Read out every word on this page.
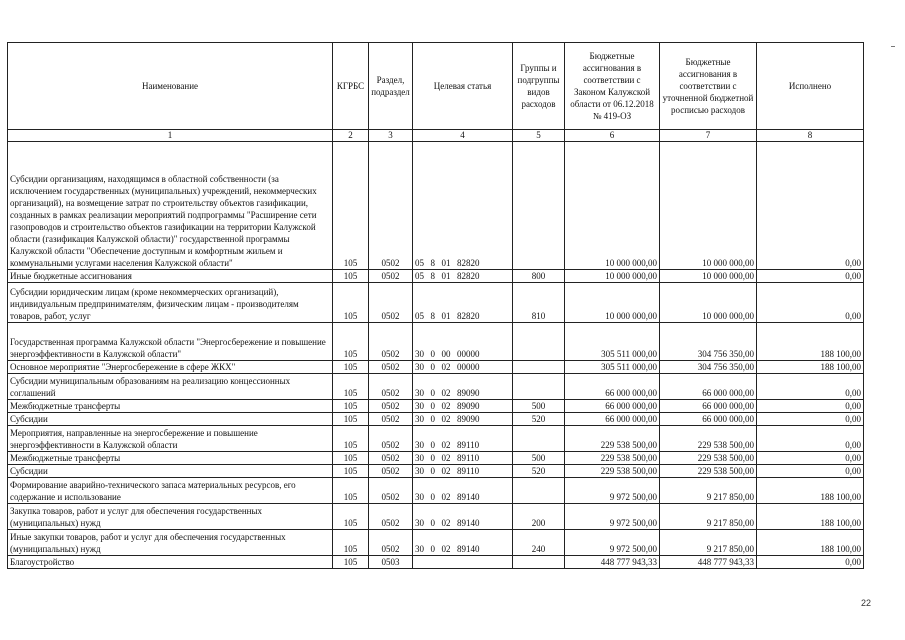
Наименование	КГРБС	Раздел, подраздел	Целевая статья	Группы и подгруппы видов расходов	Бюджетные ассигнования в соответствии с Законом Калужской области от 06.12.2018 № 419-ОЗ	Бюджетные ассигнования в соответствии с уточненной бюджетной росписью расходов	Исполнено
1	2	3	4	5	6	7	8
Субсидии организациям, находящимся в областной собственности (за исключением государственных (муниципальных) учреждений, некоммерческих организаций), на возмещение затрат по строительству объектов газификации, созданных в рамках реализации мероприятий подпрограммы "Расширение сети газопроводов и строительство объектов газификации на территории Калужской области (газификация Калужской области)" государственной программы Калужской области "Обеспечение доступным и комфортным жильем и коммунальными услугами населения Калужской области"	105	0502	05  8  01  82820		10 000 000,00	10 000 000,00	0,00
Иные бюджетные ассигнования	105	0502	05  8  01  82820	800	10 000 000,00	10 000 000,00	0,00
Субсидии юридическим лицам (кроме некоммерческих организаций), индивидуальным предпринимателям, физическим лицам - производителям товаров, работ, услуг	105	0502	05  8  01  82820	810	10 000 000,00	10 000 000,00	0,00
Государственная программа Калужской области "Энергосбережение и повышение энергоэффективности в Калужской области"	105	0502	30  0  00  00000		305 511 000,00	304 756 350,00	188 100,00
Основное мероприятие "Энергосбережение в сфере ЖКХ"	105	0502	30  0  02  00000		305 511 000,00	304 756 350,00	188 100,00
Субсидии муниципальным образованиям на реализацию концессионных соглашений	105	0502	30  0  02  89090		66 000 000,00	66 000 000,00	0,00
Межбюджетные трансферты	105	0502	30  0  02  89090	500	66 000 000,00	66 000 000,00	0,00
Субсидии	105	0502	30  0  02  89090	520	66 000 000,00	66 000 000,00	0,00
Мероприятия, направленные на энергосбережение и повышение энергоэффективности в Калужской области	105	0502	30  0  02  89110		229 538 500,00	229 538 500,00	0,00
Межбюджетные трансферты	105	0502	30  0  02  89110	500	229 538 500,00	229 538 500,00	0,00
Субсидии	105	0502	30  0  02  89110	520	229 538 500,00	229 538 500,00	0,00
Формирование аварийно-технического запаса материальных ресурсов, его содержание и использование	105	0502	30  0  02  89140		9 972 500,00	9 217 850,00	188 100,00
Закупка товаров, работ и услуг для обеспечения государственных (муниципальных) нужд	105	0502	30  0  02  89140	200	9 972 500,00	9 217 850,00	188 100,00
Иные закупки товаров, работ и услуг для обеспечения государственных (муниципальных) нужд	105	0502	30  0  02  89140	240	9 972 500,00	9 217 850,00	188 100,00
Благоустройство	105	0503			448 777 943,33	448 777 943,33	0,00
22
